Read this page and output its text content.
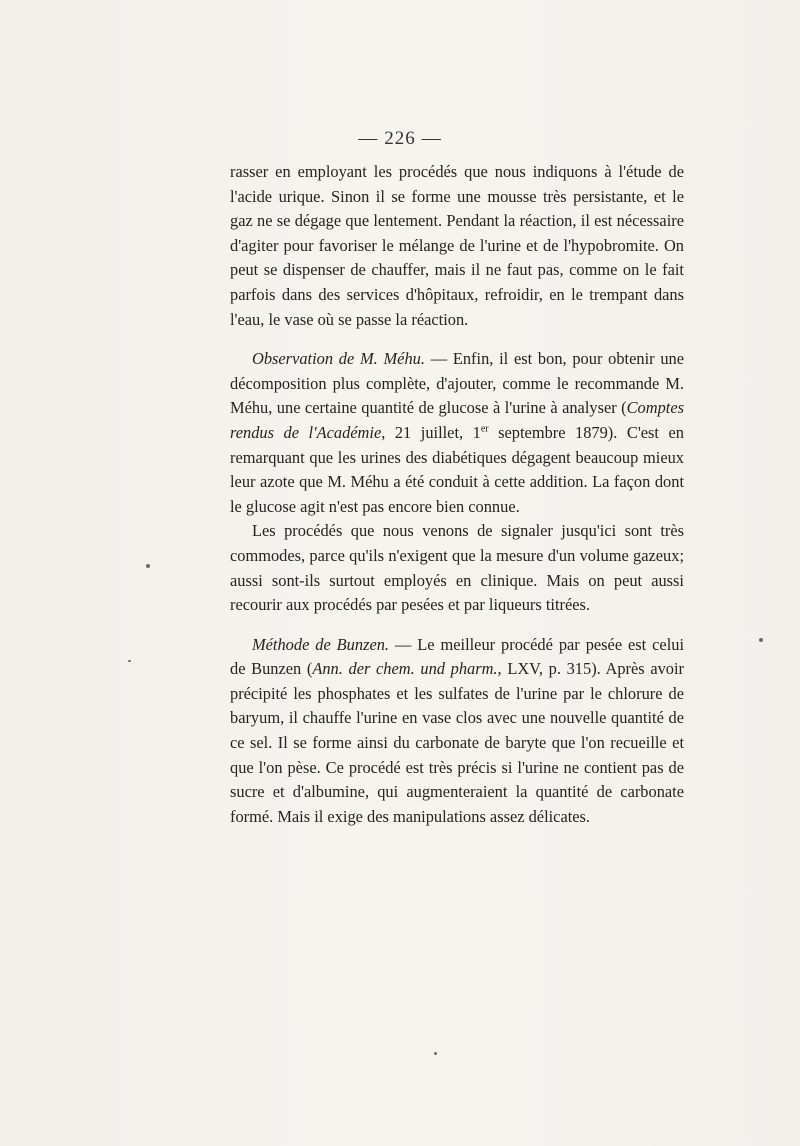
— 226 —

rasser en employant les procédés que nous indiquons à l'étude de l'acide urique. Sinon il se forme une mousse très persistante, et le gaz ne se dégage que lentement. Pendant la réaction, il est nécessaire d'agiter pour favoriser le mélange de l'urine et de l'hypobromite. On peut se dispenser de chauffer, mais il ne faut pas, comme on le fait parfois dans des services d'hôpitaux, refroidir, en le trempant dans l'eau, le vase où se passe la réaction.

Observation de M. Méhu. — Enfin, il est bon, pour obtenir une décomposition plus complète, d'ajouter, comme le recommande M. Méhu, une certaine quantité de glucose à l'urine à analyser (Comptes rendus de l'Académie, 21 juillet, 1er septembre 1879). C'est en remarquant que les urines des diabétiques dégagent beaucoup mieux leur azote que M. Méhu a été conduit à cette addition. La façon dont le glucose agit n'est pas encore bien connue.

Les procédés que nous venons de signaler jusqu'ici sont très commodes, parce qu'ils n'exigent que la mesure d'un volume gazeux; aussi sont-ils surtout employés en clinique. Mais on peut aussi recourir aux procédés par pesées et par liqueurs titrées.

Méthode de Bunzen. — Le meilleur procédé par pesée est celui de Bunzen (Ann. der chem. und pharm., LXV, p. 315). Après avoir précipité les phosphates et les sulfates de l'urine par le chlorure de baryum, il chauffe l'urine en vase clos avec une nouvelle quantité de ce sel. Il se forme ainsi du carbonate de baryte que l'on recueille et que l'on pèse. Ce procédé est très précis si l'urine ne contient pas de sucre et d'albumine, qui augmenteraient la quantité de carbonate formé. Mais il exige des manipulations assez délicates.
